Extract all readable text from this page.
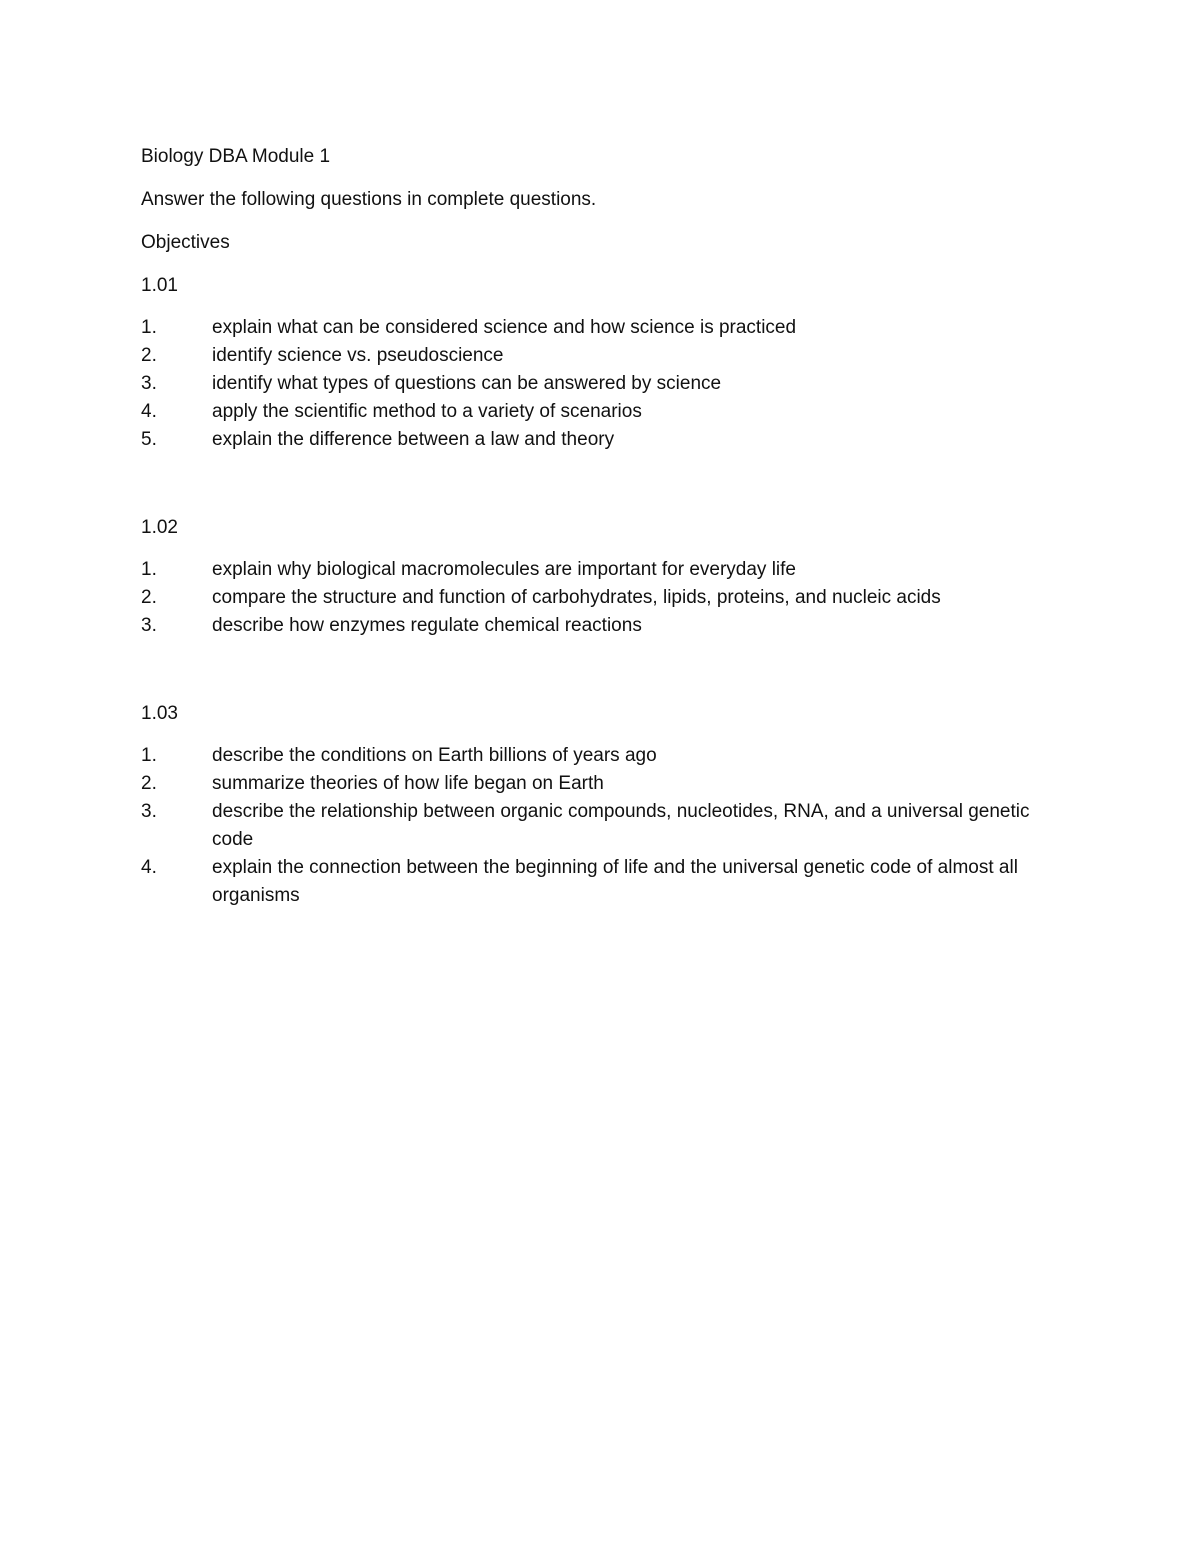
Biology DBA Module 1

Answer the following questions in complete questions.

Objectives

1.01

1.	explain what can be considered science and how science is practiced
2.	identify science vs. pseudoscience
3.	identify what types of questions can be answered by science
4.	apply the scientific method to a variety of scenarios
5.	explain the difference between a law and theory

1.02

1.	explain why biological macromolecules are important for everyday life
2.	compare the structure and function of carbohydrates, lipids, proteins, and nucleic acids
3.	describe how enzymes regulate chemical reactions

1.03

1.	describe the conditions on Earth billions of years ago
2.	summarize theories of how life began on Earth
3.	describe the relationship between organic compounds, nucleotides, RNA, and a universal genetic code
4.	explain the connection between the beginning of life and the universal genetic code of almost all organisms
